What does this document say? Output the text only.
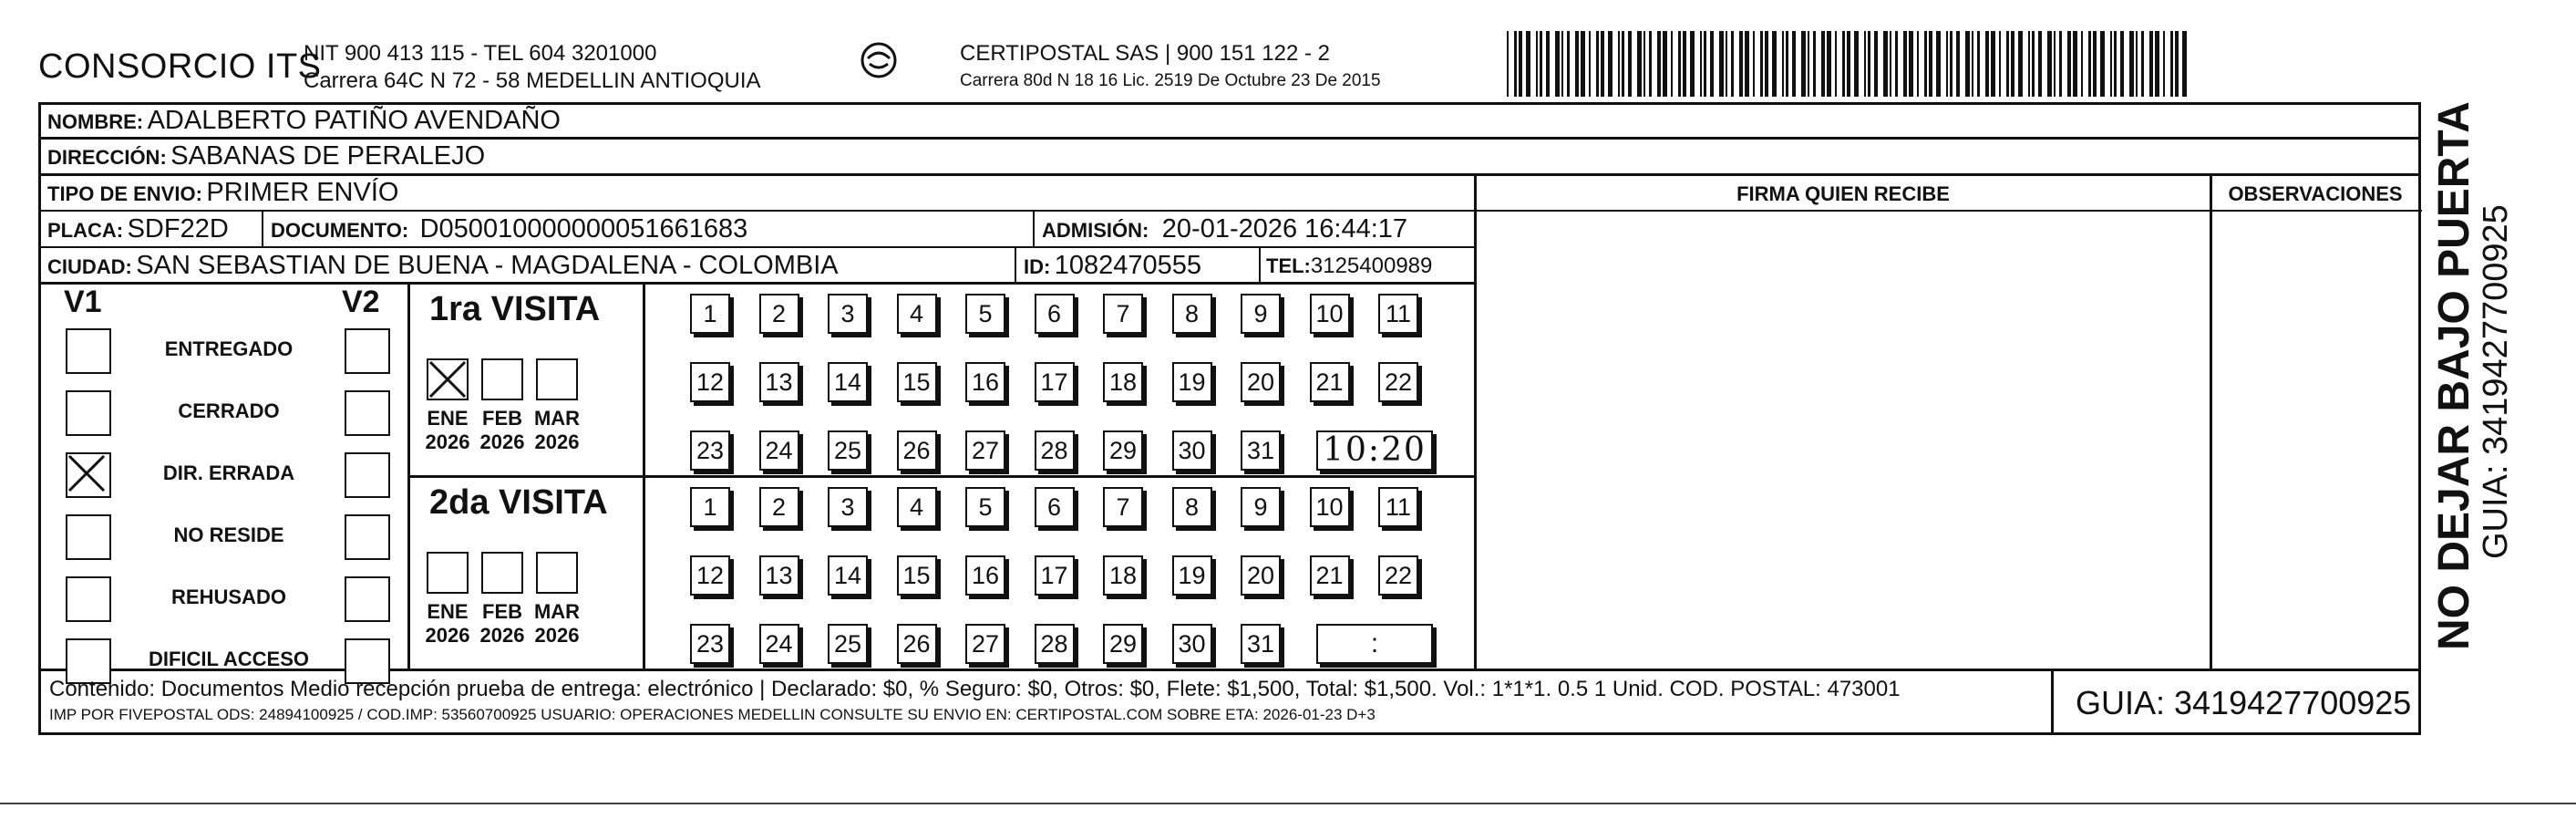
CONSORCIO ITS
NIT 900 413 115 - TEL 604 3201000
Carrera 64C N 72 - 58 MEDELLIN ANTIOQUIA
CERTIPOSTAL SAS | 900 151 122 - 2
Carrera 80d N 18 16 Lic. 2519 De Octubre 23 De 2015
NOMBRE: ADALBERTO PATIÑO AVENDAÑO
DIRECCIÓN: SABANAS DE PERALEJO
TIPO DE ENVIO: PRIMER ENVÍO
PLACA: SDF22D DOCUMENTO: D050010000000051661683	ADMISIÓN: 20-01-2026 16:44:17
CIUDAD: SAN SEBASTIAN DE BUENA - MAGDALENA - COLOMBIA	ID: 1082470555	TEL:3125400989
FIRMA QUIEN RECIBE	OBSERVACIONES
V1	V2
ENTREGADO
CERRADO
DIR. ERRADA
NO RESIDE
REHUSADO
DIFICIL ACCESO
1ra VISITA
2da VISITA
ENE
2026
FEB
2026
MAR
2026
1	2	3	4	5	6	7	8	9	10 11
12 13 14 15 16 17 18 19 20 21 22
23 24 25 26 27 28 29 30 31 10:20
ENE
2026
FEB
2026
MAR
2026
1	2	3	4	5	6	7	8	9	10 11
12 13 14 15 16 17 18 19 20 21 22
23 24 25 26 27 28 29 30 31	:
Contenido: Documentos Medio recepción prueba de entrega: electrónico | Declarado: $0, % Seguro: $0, Otros: $0, Flete: $1,500, Total: $1,500. Vol.: 1*1*1. 0.5 1 Unid. COD. POSTAL: 473001
IMP POR FIVEPOSTAL ODS: 24894100925 / COD.IMP: 53560700925 USUARIO: OPERACIONES MEDELLIN CONSULTE SU ENVIO EN: CERTIPOSTAL.COM SOBRE ETA: 2026-01-23 D+3	GUIA: 3419427700925
NO DEJAR BAJO PUERTA
GUIA: 3419427700925
